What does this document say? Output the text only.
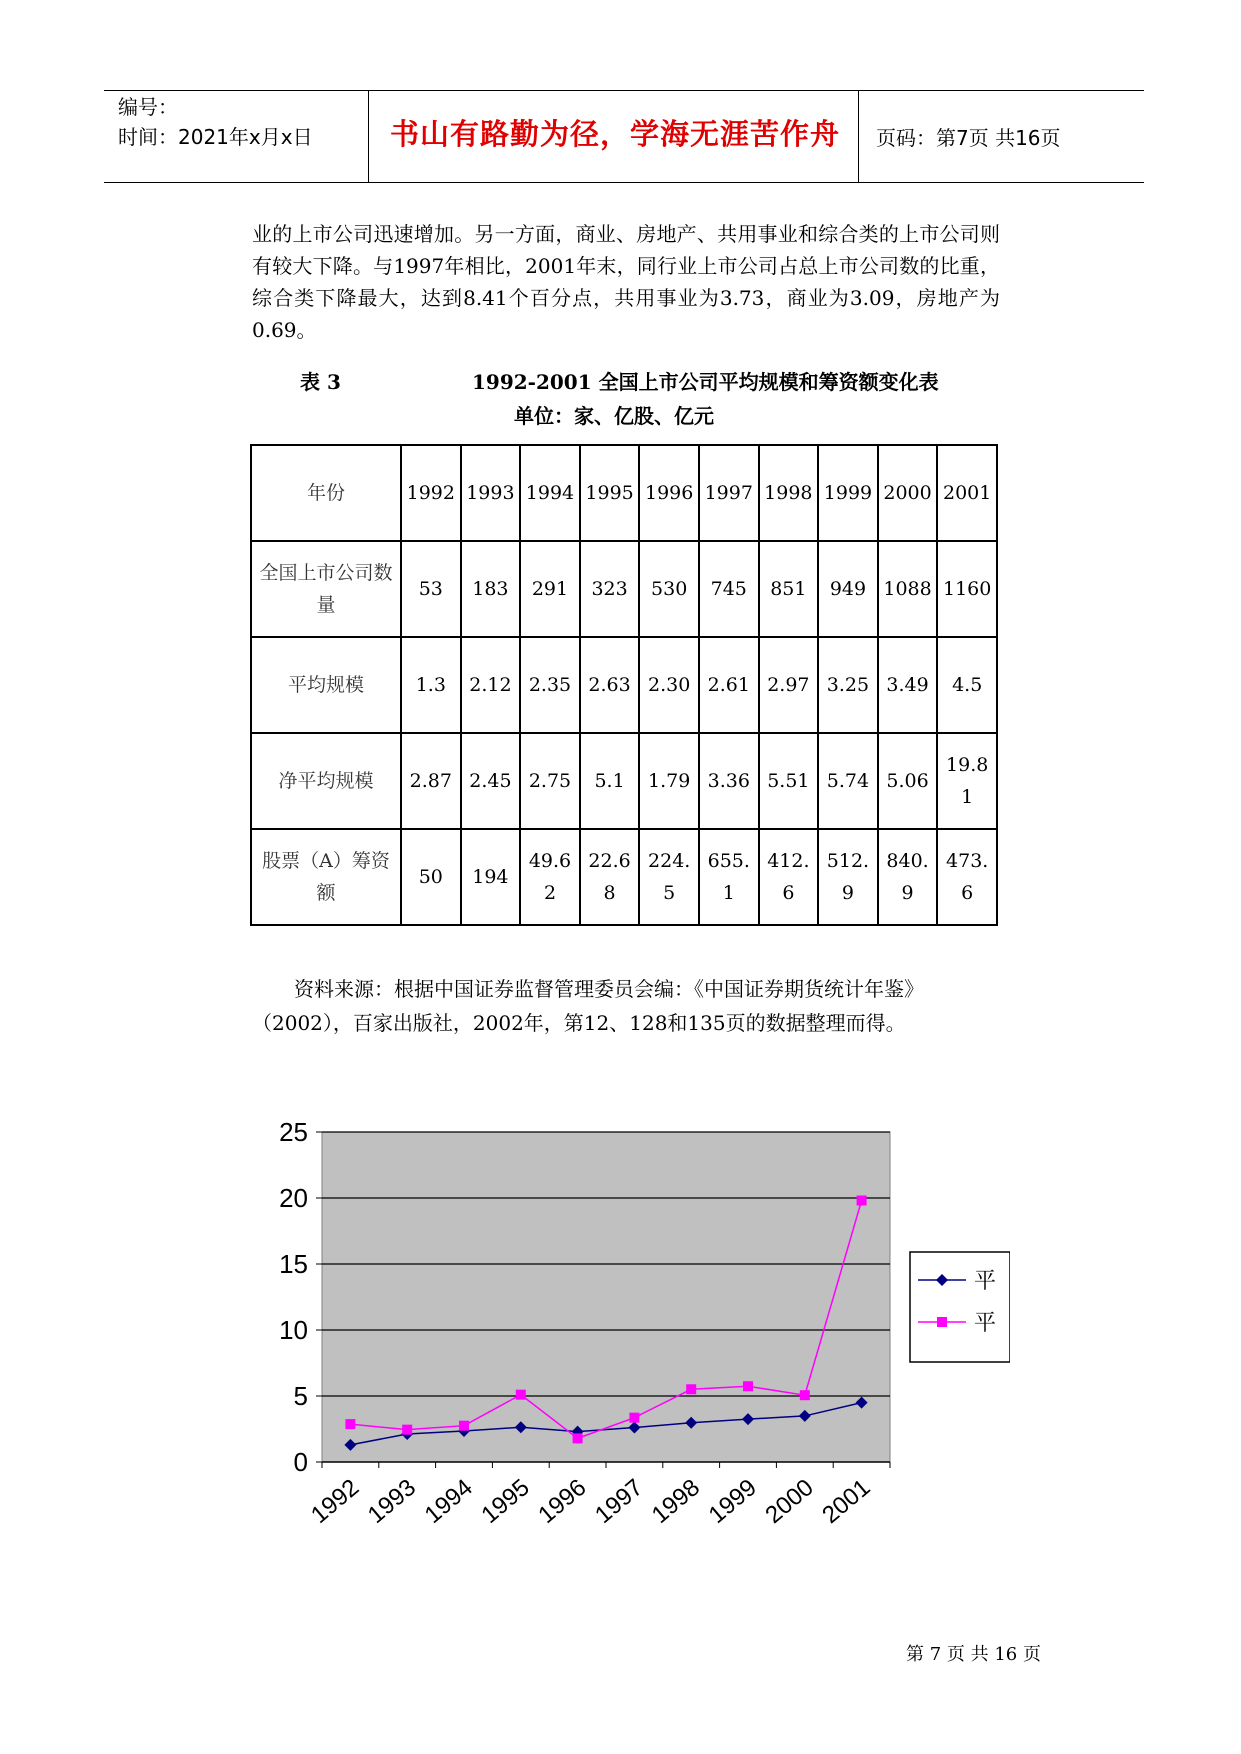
编号：
时间：2021年x月x日	书山有路勤为径，学海无涯苦作舟	页码：第7页 共16页
业的上市公司迅速增加。另一方面，商业、房地产、共用事业和综合类的上市公司则有较大下降。与1997年相比，2001年末，同行业上市公司占总上市公司数的比重，综合类下降最大，达到8.41个百分点，共用事业为3.73，商业为3.09，房地产为0.69。
表 3	1992-2001 全国上市公司平均规模和筹资额变化表
单位：家、亿股、亿元
年份	1992	1993	1994	1995	1996	1997	1998	1999	2000	2001
全国上市公司数量	53	183	291	323	530	745	851	949	1088	1160
平均规模	1.3	2.12	2.35	2.63	2.30	2.61	2.97	3.25	3.49	4.5
净平均规模	2.87	2.45	2.75	5.1	1.79	3.36	5.51	5.74	5.06	19.81
股票（A）筹资额	50	194	49.62	22.68	224.5	655.1	412.6	512.9	840.9	473.6
资料来源：根据中国证券监督管理委员会编：《中国证券期货统计年鉴》（2002），百家出版社，2002年，第12、128和135页的数据整理而得。
0
5
10
15
20
25
1992
1993
1994
1995
1996
1997
1998
1999
2000
2001
平
平
第 7 页 共 16 页
